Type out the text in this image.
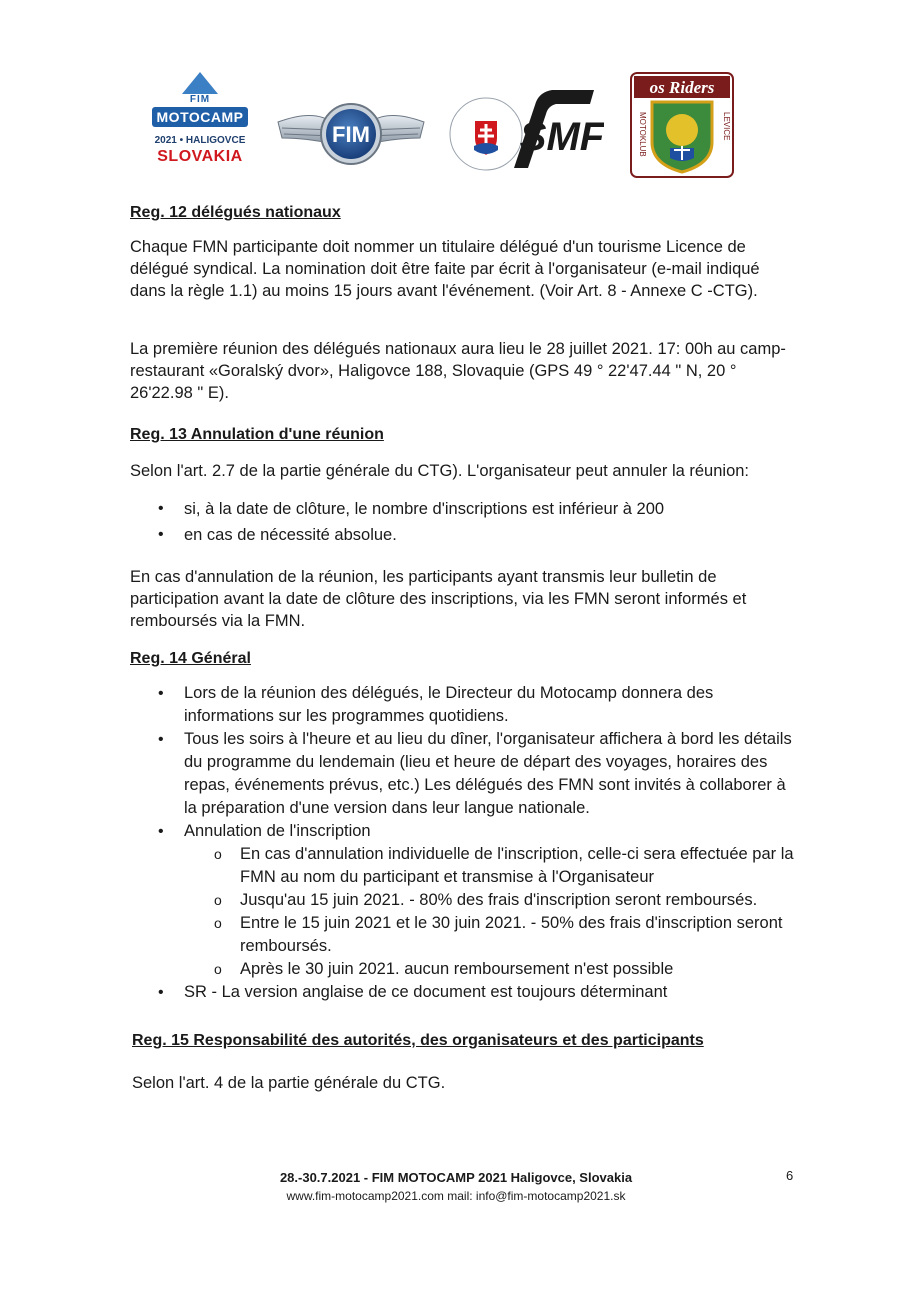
FIM
MOTOCAMP
2021 • HALIGOVCE
SLOVAKIA
FIM	SMF
os Riders
MOTOKLUB	LEVICE
Reg. 12 délégués nationaux

Chaque FMN participante doit nommer un titulaire délégué d'un tourisme Licence de délégué syndical. La nomination doit être faite par écrit à l'organisateur (e-mail indiqué dans la règle 1.1) au moins 15 jours avant l'événement. (Voir Art. 8 - Annexe C -CTG).

La première réunion des délégués nationaux aura lieu le 28 juillet 2021. 17: 00h au camp-restaurant «Goralský dvor», Haligovce 188, Slovaquie (GPS 49 ° 22'47.44 " N, 20 ° 26'22.98 " E).

Reg. 13 Annulation d'une réunion

Selon l'art. 2.7 de la partie générale du CTG). L'organisateur peut annuler la réunion:

• si, à la date de clôture, le nombre d'inscriptions est inférieur à 200
• en cas de nécessité absolue.

En cas d'annulation de la réunion, les participants ayant transmis leur bulletin de participation avant la date de clôture des inscriptions, via les FMN seront informés et remboursés via la FMN.

Reg. 14 Général
• Lors de la réunion des délégués, le Directeur du Motocamp donnera des informations sur les programmes quotidiens.
• Tous les soirs à l'heure et au lieu du dîner, l'organisateur affichera à bord les détails du programme du lendemain (lieu et heure de départ des voyages, horaires des repas, événements prévus, etc.) Les délégués des FMN sont invités à collaborer à la préparation d'une version dans leur langue nationale.
• Annulation de l'inscription
o En cas d'annulation individuelle de l'inscription, celle-ci sera effectuée par la FMN au nom du participant et transmise à l'Organisateur
o Jusqu'au 15 juin 2021. - 80% des frais d'inscription seront remboursés.
o Entre le 15 juin 2021 et le 30 juin 2021. - 50% des frais d'inscription seront remboursés.
o Après le 30 juin 2021. aucun remboursement n'est possible
• SR - La version anglaise de ce document est toujours déterminant
Reg. 15 Responsabilité des autorités, des organisateurs et des participants

Selon l'art. 4 de la partie générale du CTG.

28.-30.7.2021 - FIM MOTOCAMP 2021 Haligovce, Slovakia
www.fim-motocamp2021.com mail: info@fim-motocamp2021.sk
6
